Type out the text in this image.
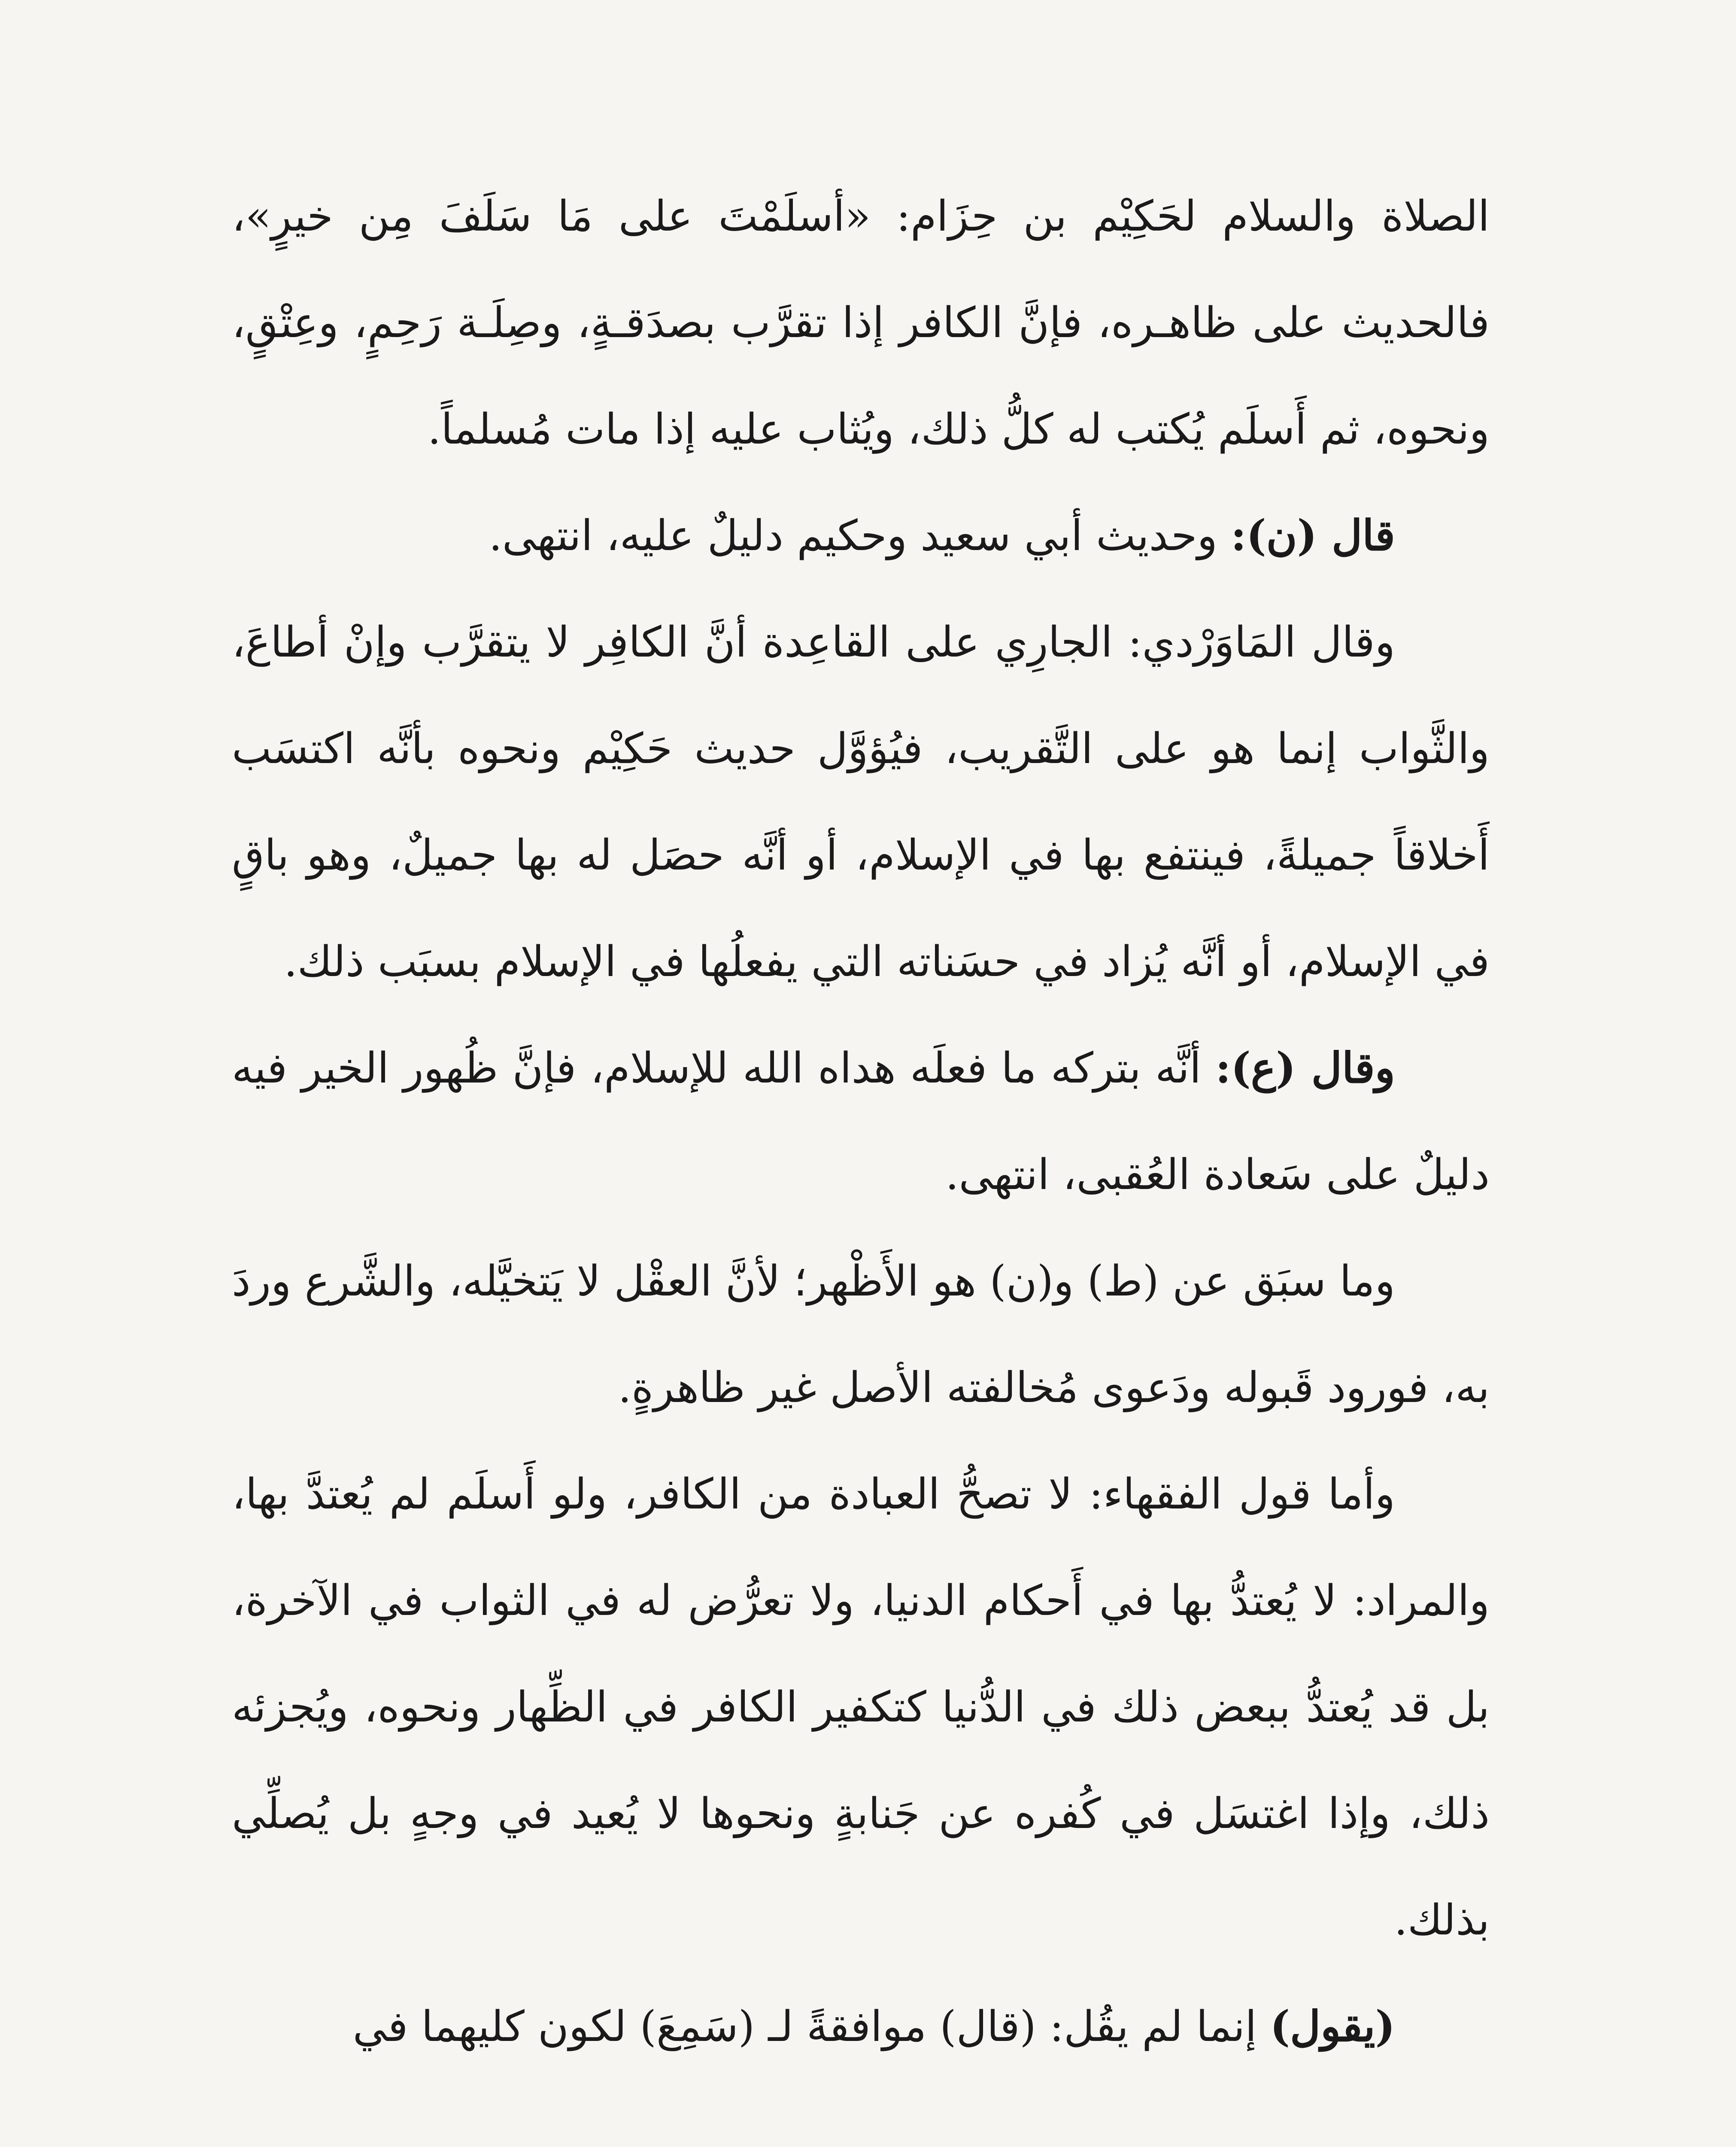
الصلاة والسلام لحَكِيْم بن حِزَام: «أسلَمْتَ على مَا سَلَفَ مِن خيرٍ»، فالحديث على ظاهـره، فإنَّ الكافر إذا تقرَّب بصدَقـةٍ، وصِلَـة رَحِمٍ، وعِتْقٍ، ونحوه، ثم أَسلَم يُكتب له كلُّ ذلك، ويُثاب عليه إذا مات مُسلماً.

قال (ن): وحديث أبي سعيد وحكيم دليلٌ عليه، انتهى.

وقال المَاوَرْدي: الجارِي على القاعِدة أنَّ الكافِر لا يتقرَّب وإنْ أطاعَ، والثَّواب إنما هو على التَّقريب، فيُؤوَّل حديث حَكِيْم ونحوه بأنَّه اكتسَب أَخلاقاً جميلةً، فينتفع بها في الإسلام، أو أنَّه حصَل له بها جميلٌ، وهو باقٍ في الإسلام، أو أنَّه يُزاد في حسَناته التي يفعلُها في الإسلام بسبَب ذلك.

وقال (ع): أنَّه بتركه ما فعلَه هداه الله للإسلام، فإنَّ ظُهور الخير فيه دليلٌ على سَعادة العُقبى، انتهى.

وما سبَق عن (ط) و(ن) هو الأَظْهر؛ لأنَّ العقْل لا يَتخيَّله، والشَّرع وردَ به، فورود قَبوله ودَعوى مُخالفته الأصل غير ظاهرةٍ.

وأما قول الفقهاء: لا تصحُّ العبادة من الكافر، ولو أَسلَم لم يُعتدَّ بها، والمراد: لا يُعتدُّ بها في أَحكام الدنيا، ولا تعرُّض له في الثواب في الآخرة، بل قد يُعتدُّ ببعض ذلك في الدُّنيا كتكفير الكافر في الظِّهار ونحوه، ويُجزئه ذلك، وإذا اغتسَل في كُفره عن جَنابةٍ ونحوها لا يُعيد في وجهٍ بل يُصلِّي بذلك.

(يقول) إنما لم يقُل: (قال) موافقةً لـ (سَمِعَ) لكون كليهما في
